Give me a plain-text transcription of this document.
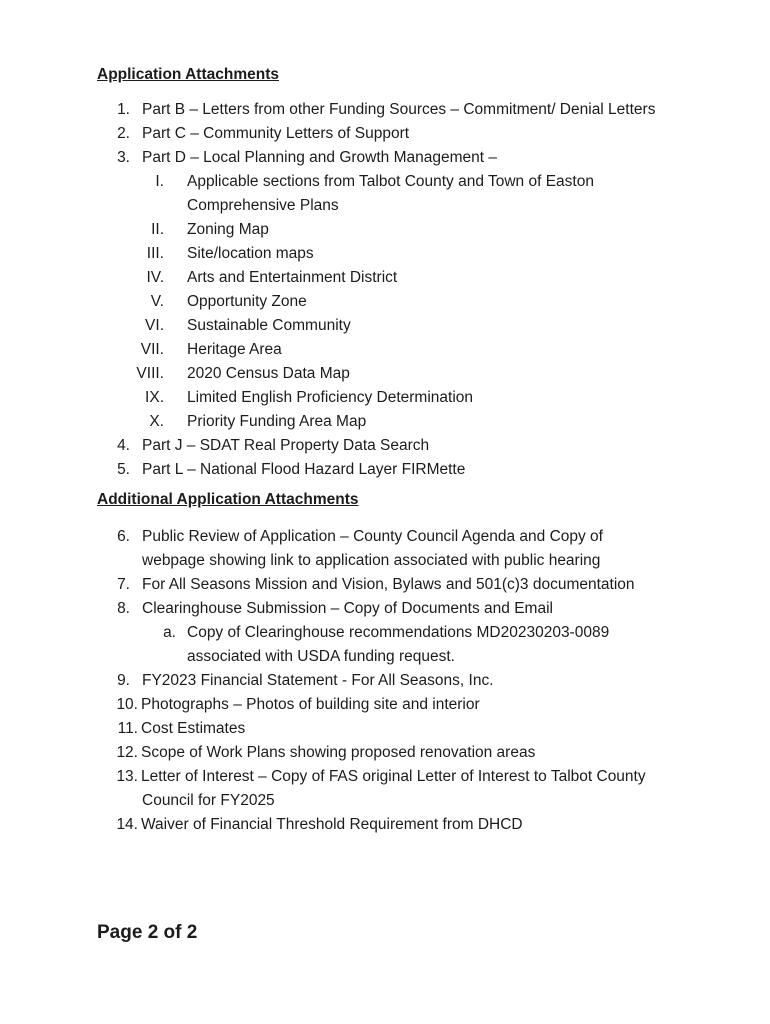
Application Attachments
1. Part B – Letters from other Funding Sources – Commitment/ Denial Letters
2. Part C – Community Letters of Support
3. Part D – Local Planning and Growth Management –
I. Applicable sections from Talbot County and Town of Easton
Comprehensive Plans
II. Zoning Map
III. Site/location maps
IV. Arts and Entertainment District
V. Opportunity Zone
VI. Sustainable Community
VII. Heritage Area
VIII. 2020 Census Data Map
IX. Limited English Proficiency Determination
X. Priority Funding Area Map
4. Part J – SDAT Real Property Data Search
5. Part L – National Flood Hazard Layer FIRMette
Additional Application Attachments
6. Public Review of Application – County Council Agenda and Copy of
webpage showing link to application associated with public hearing
7. For All Seasons Mission and Vision, Bylaws and 501(c)3 documentation
8. Clearinghouse Submission – Copy of Documents and Email
a. Copy of Clearinghouse recommendations MD20230203-0089
associated with USDA funding request.
9. FY2023 Financial Statement - For All Seasons, Inc.
10. Photographs – Photos of building site and interior
11. Cost Estimates
12. Scope of Work Plans showing proposed renovation areas
13. Letter of Interest – Copy of FAS original Letter of Interest to Talbot County
Council for FY2025
14. Waiver of Financial Threshold Requirement from DHCD
Page 2 of 2
